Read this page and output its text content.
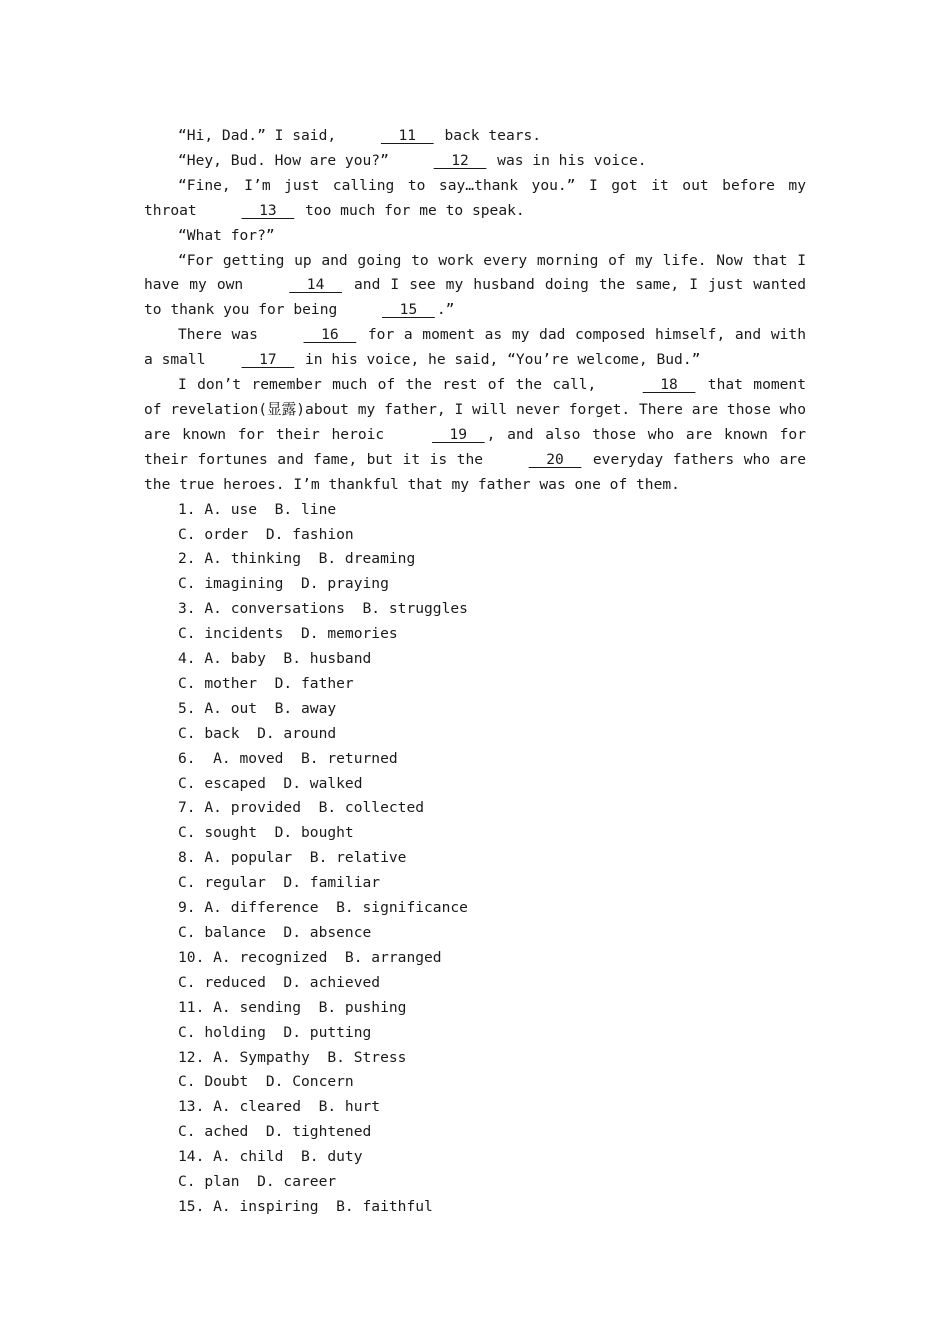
“Hi, Dad.” I said,   11   back tears.

“Hey, Bud. How are you?”   12   was in his voice.

“Fine, I’m just calling to say…thank you.” I got it out before my throat   13   too much for me to speak.

“What for?”

“For getting up and going to work every morning of my life. Now that I have my own   14   and I see my husband doing the same, I just wanted to thank you for being   15  .”

There was   16   for a moment as my dad composed himself, and with a small  17   in his voice, he said, “You’re welcome, Bud.”

I don’t remember much of the rest of the call,   18   that moment of revelation(显露)about my father, I will never forget. There are those who are known for their heroic   19  , and also those who are known for their fortunes and fame, but it is the   20   everyday fathers who are the true heroes. I’m thankful that my father was one of them.

1. A. use  B. line
C. order  D. fashion
2. A. thinking  B. dreaming
C. imagining  D. praying
3. A. conversations  B. struggles
C. incidents  D. memories
4. A. baby  B. husband
C. mother  D. father
5. A. out  B. away
C. back  D. around
6.  A. moved  B. returned
C. escaped  D. walked
7. A. provided  B. collected
C. sought  D. bought
8. A. popular  B. relative
C. regular  D. familiar
9. A. difference  B. significance
C. balance  D. absence
10. A. recognized  B. arranged
C. reduced  D. achieved
11. A. sending  B. pushing
C. holding  D. putting
12. A. Sympathy  B. Stress
C. Doubt  D. Concern
13. A. cleared  B. hurt
C. ached  D. tightened
14. A. child  B. duty
C. plan  D. career
15. A. inspiring  B. faithful
